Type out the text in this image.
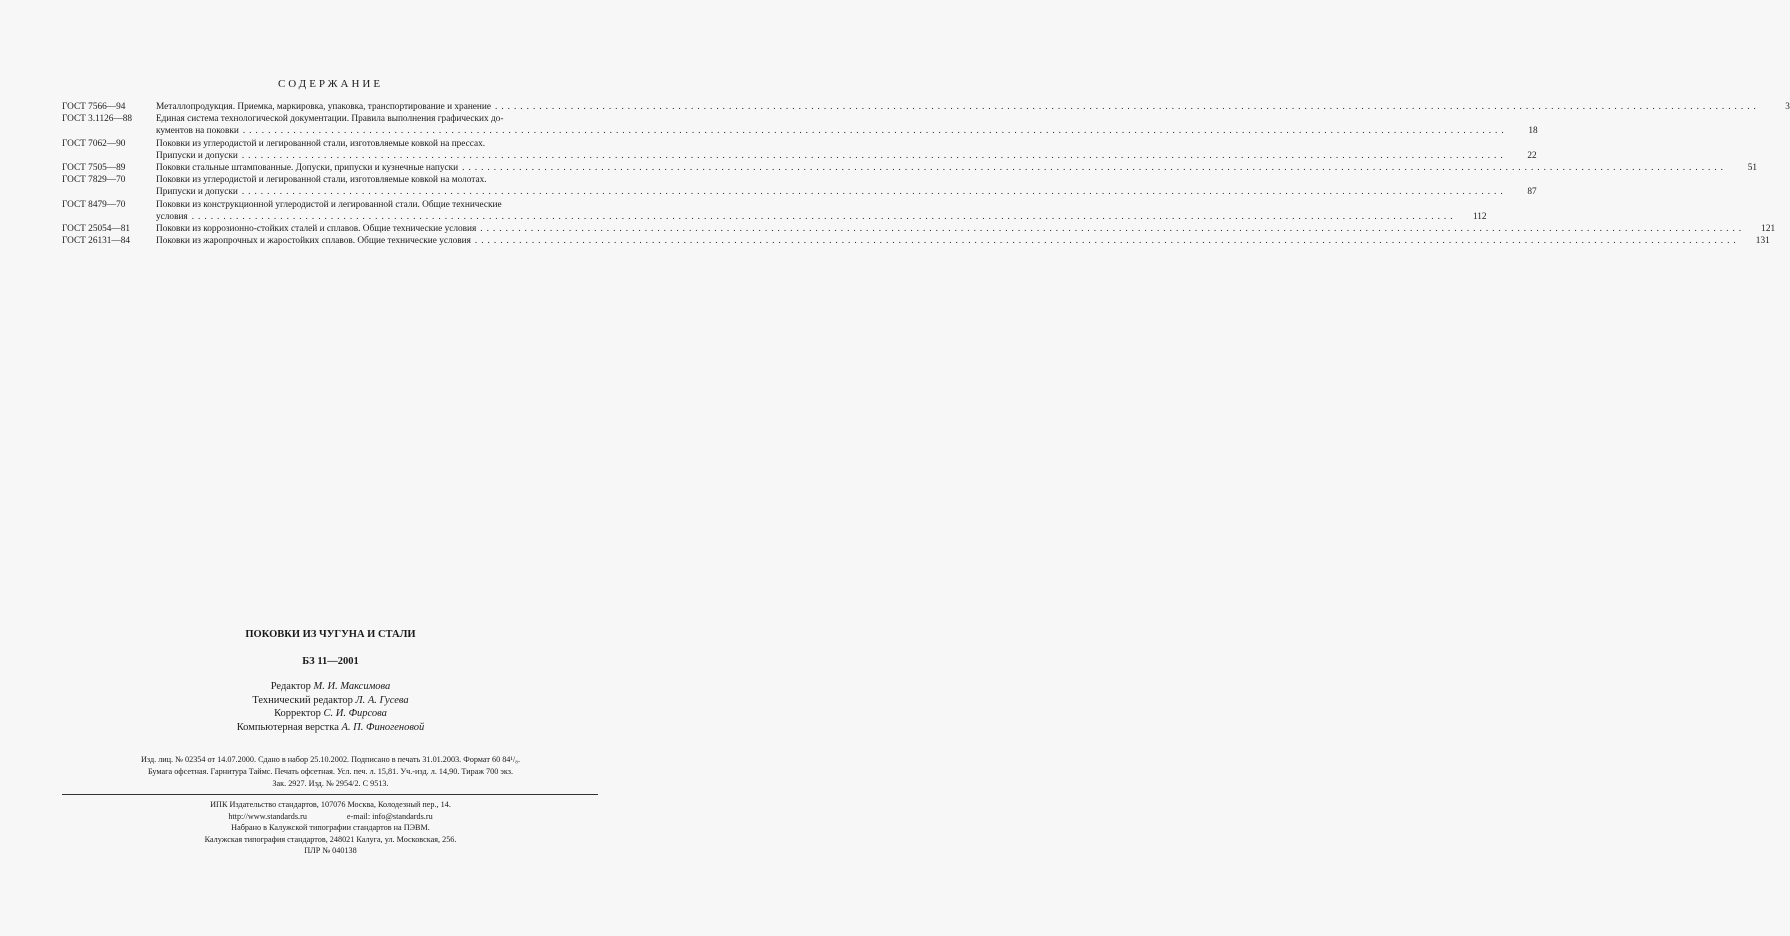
СОДЕРЖАНИЕ
ГОСТ 7566—94	Металлопродукция. Приемка, маркировка, упаковка, транспортирование и хранение ........................................................................................................................................................................................................	3
ГОСТ 3.1126—88	Единая система технологической документации. Правила выполнения графических до-
кументов на поковки ........................................................................................................................................................................................................	18
ГОСТ 7062—90	Поковки из углеродистой и легированной стали, изготовляемые ковкой на прессах.
Припуски и допуски ........................................................................................................................................................................................................	22
ГОСТ 7505—89	Поковки стальные штампованные. Допуски, припуски и кузнечные напуски ........................................................................................................................................................................................................	51
ГОСТ 7829—70	Поковки из углеродистой и легированной стали, изготовляемые ковкой на молотах.
Припуски и допуски ........................................................................................................................................................................................................	87
ГОСТ 8479—70	Поковки из конструкционной углеродистой и легированной стали. Общие технические
условия ........................................................................................................................................................................................................	112
ГОСТ 25054—81	Поковки из коррозионно-стойких сталей и сплавов. Общие технические условия ........................................................................................................................................................................................................	121
ГОСТ 26131—84	Поковки из жаропрочных и жаростойких сплавов. Общие технические условия ........................................................................................................................................................................................................	131
ПОКОВКИ ИЗ ЧУГУНА И СТАЛИ
БЗ 11—2001
Редактор М. И. Максимова
Технический редактор Л. А. Гусева
Корректор С. И. Фирсова
Компьютерная верстка А. П. Финогеновой
Изд. лиц. № 02354 от 14.07.2000. Сдано в набор 25.10.2002. Подписано в печать 31.01.2003. Формат 60 84¹/₈.
Бумага офсетная. Гарнитура Таймс. Печать офсетная. Усл. печ. л. 15,81. Уч.-изд. л. 14,90. Тираж 700 экз.
Зак. 2927. Изд. № 2954/2. С 9513.
ИПК Издательство стандартов, 107076 Москва, Колодезный пер., 14.
http://www.standards.ru	e-mail: info@standards.ru
Набрано в Калужской типографии стандартов на ПЭВМ.
Калужская типография стандартов, 248021 Калуга, ул. Московская, 256.
ПЛР № 040138
